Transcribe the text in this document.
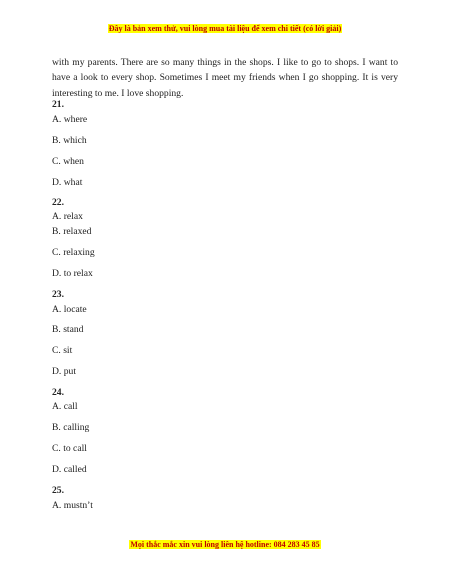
Đây là bản xem thử, vui lòng mua tài liệu để xem chi tiết (có lời giải)

with my parents. There are so many things in the shops. I like to go to shops. I want to have a look to every shop. Sometimes I meet my friends when I go shopping. It is very interesting to me. I love shopping.

21.
A. where
B. which
C. when
D. what
22.
A. relax
B. relaxed
C. relaxing
D. to relax
23.
A. locate
B. stand
C. sit
D. put
24.
A. call
B. calling
C. to call
D. called
25.
A. mustn’t
Mọi thắc mắc xin vui lòng liên hệ hotline: 084 283 45 85
